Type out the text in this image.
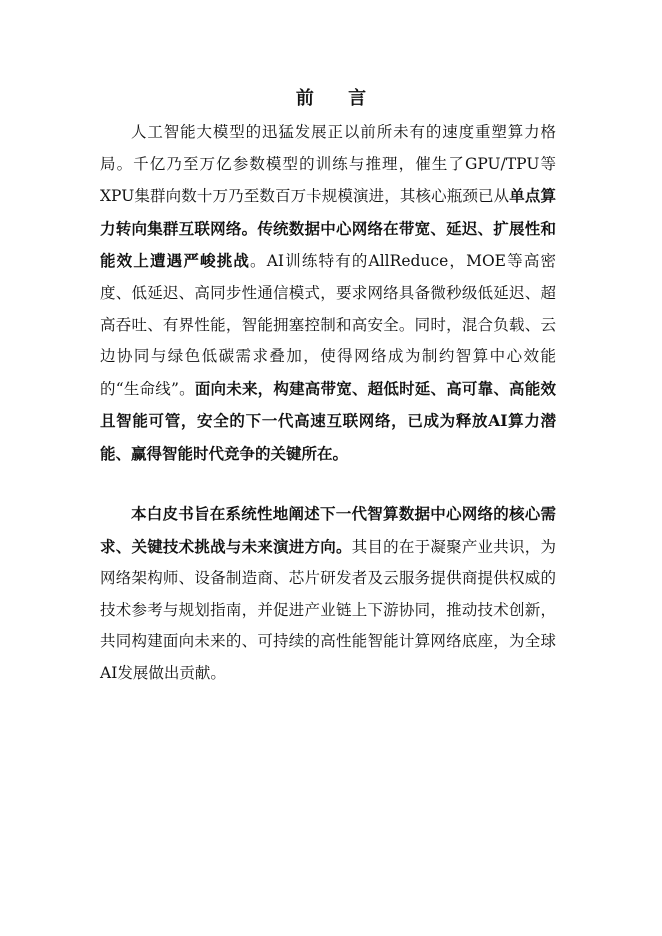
前 言

人工智能大模型的迅猛发展正以前所未有的速度重塑算力格局。千亿乃至万亿参数模型的训练与推理，催生了GPU/TPU等XPU集群向数十万乃至数百万卡规模演进，其核心瓶颈已从单点算力转向集群互联网络。传统数据中心网络在带宽、延迟、扩展性和能效上遭遇严峻挑战。AI训练特有的AllReduce，MOE等高密度、低延迟、高同步性通信模式，要求网络具备微秒级低延迟、超高吞吐、有界性能，智能拥塞控制和高安全。同时，混合负载、云边协同与绿色低碳需求叠加，使得网络成为制约智算中心效能的“生命线”。面向未来，构建高带宽、超低时延、高可靠、高能效且智能可管，安全的下一代高速互联网络，已成为释放AI算力潜能、赢得智能时代竞争的关键所在。

本白皮书旨在系统性地阐述下一代智算数据中心网络的核心需求、关键技术挑战与未来演进方向。其目的在于凝聚产业共识，为网络架构师、设备制造商、芯片研发者及云服务提供商提供权威的技术参考与规划指南，并促进产业链上下游协同，推动技术创新，共同构建面向未来的、可持续的高性能智能计算网络底座，为全球AI发展做出贡献。
